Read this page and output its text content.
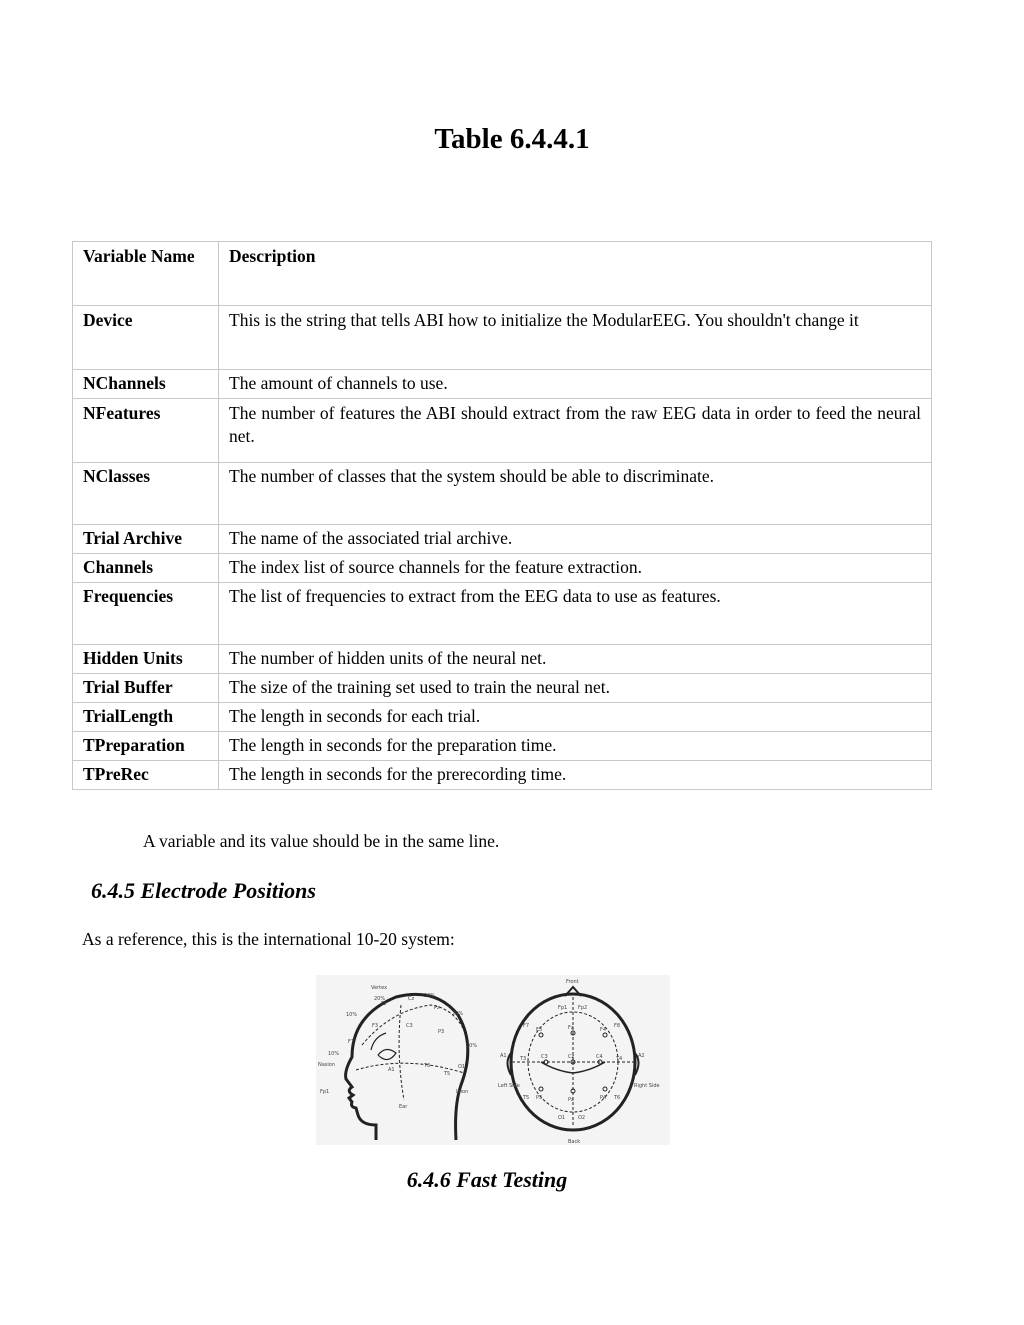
Table 6.4.4.1
Variable Name	Description
Device	This is the string that tells ABI how to initialize the ModularEEG. You shouldn't change it
NChannels	The amount of channels to use.
NFeatures	The number of features the ABI should extract from the raw EEG data in order to feed the neural net.
NClasses	The number of classes that the system should be able to discriminate.
Trial Archive	The name of the associated trial archive.
Channels	The index list of source channels for the feature extraction.
Frequencies	The list of frequencies to extract from the EEG data to use as features.
Hidden Units	The number of hidden units of the neural net.
Trial Buffer	The size of the training set used to train the neural net.
TrialLength	The length in seconds for each trial.
TPreparation	The length in seconds for the preparation time.
TPreRec	The length in seconds for the prerecording time.

A variable and its value should be in the same line.

6.4.5 Electrode Positions

As a reference, this is the international 10-20 system:

Vertex
Nasion
Inion
Ear
10%
20%	20%
20%
20%
10%
Fp1
F7
F3
Fz
C3
Cz
T3
T5
P3
Pz
O1
A1
Front
Back
Left Side	Right Side
Fp1 Fp2
F7
F3	Fz	F4
F8
A1	T3	C3	Cz	C4	T4	A2
T5 P3	Pz	P4 T6
O1	O2
6.4.6 Fast Testing
